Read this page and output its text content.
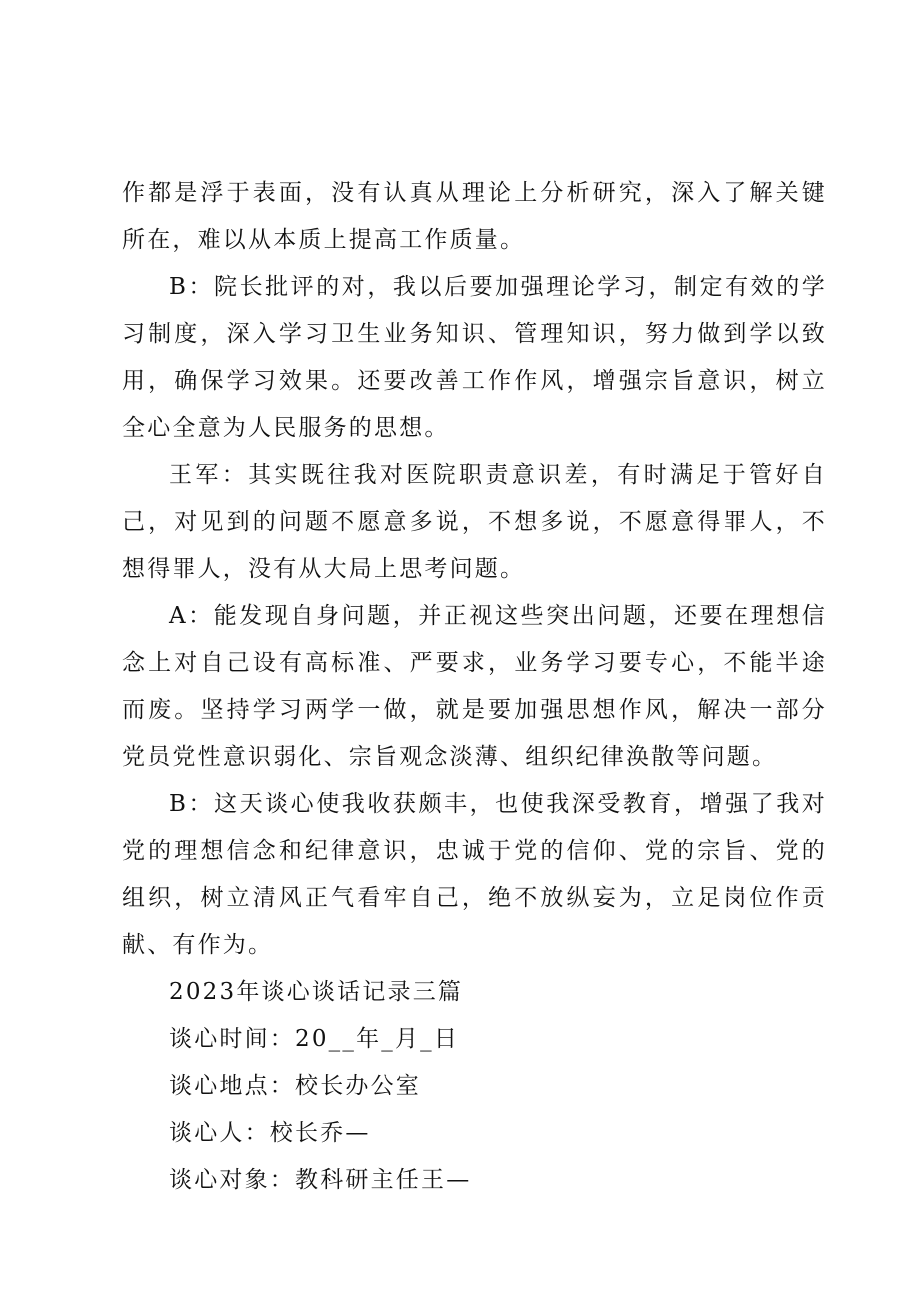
作都是浮于表面，没有认真从理论上分析研究，深入了解关键所在，难以从本质上提高工作质量。

B：院长批评的对，我以后要加强理论学习，制定有效的学习制度，深入学习卫生业务知识、管理知识，努力做到学以致用，确保学习效果。还要改善工作作风，增强宗旨意识，树立全心全意为人民服务的思想。

王军：其实既往我对医院职责意识差，有时满足于管好自己，对见到的问题不愿意多说，不想多说，不愿意得罪人，不想得罪人，没有从大局上思考问题。

A：能发现自身问题，并正视这些突出问题，还要在理想信念上对自己设有高标准、严要求，业务学习要专心，不能半途而废。坚持学习两学一做，就是要加强思想作风，解决一部分党员党性意识弱化、宗旨观念淡薄、组织纪律涣散等问题。

B：这天谈心使我收获颇丰，也使我深受教育，增强了我对党的理想信念和纪律意识，忠诚于党的信仰、党的宗旨、党的组织，树立清风正气看牢自己，绝不放纵妄为，立足岗位作贡献、有作为。

2023年谈心谈话记录三篇

谈心时间：20__年_月_日

谈心地点：校长办公室

谈心人：校长乔—

谈心对象：教科研主任王—
